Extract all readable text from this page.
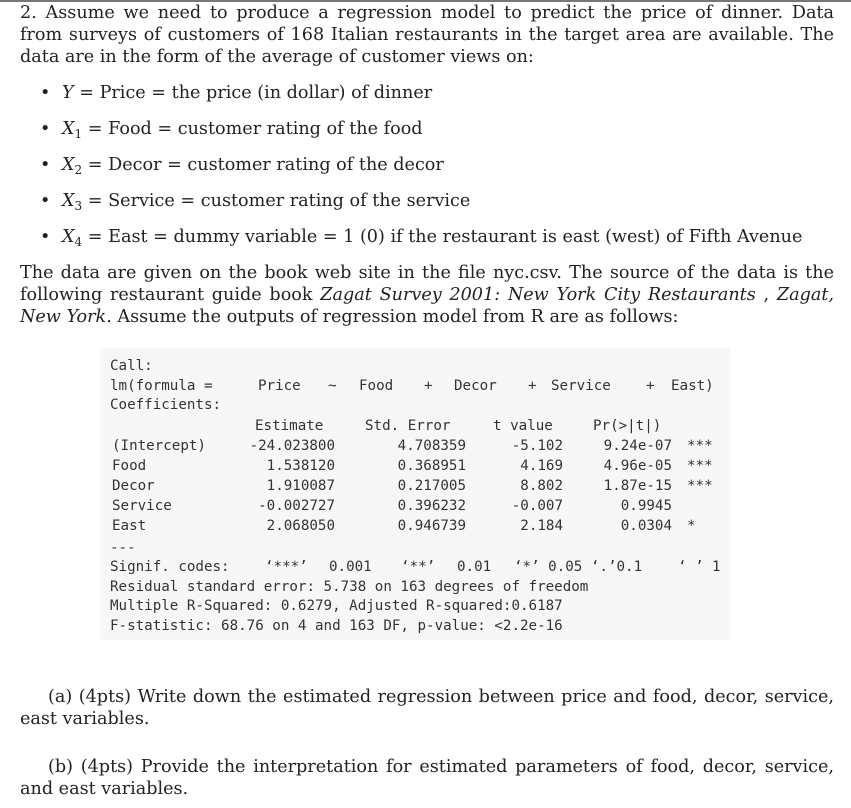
2. Assume we need to produce a regression model to predict the price of dinner. Data from surveys of customers of 168 Italian restaurants in the target area are available. The data are in the form of the average of customer views on:
• Y = Price = the price (in dollar) of dinner
• $X_1$ = Food = customer rating of the food
• $X_2$ = Decor = customer rating of the decor
• $X_3$ = Service = customer rating of the service
• $X_4$ = East = dummy variable = 1 (0) if the restaurant is east (west) of Fifth Avenue
The data are given on the book web site in the file nyc.csv. The source of the data is the following restaurant guide book Zagat Survey 2001: New York City Restaurants , Zagat, New York. Assume the outputs of regression model from R are as follows:
Call:
lm(formula =	Price ~ Food + Decor + Service + East)
Coefficients:
Estimate	Std. Error	t value	Pr(>|t|)
(Intercept)	-24.023800	4.708359	-5.102	9.24e-07 ***
Food	1.538120	0.368951	4.169	4.96e-05 ***
Decor	1.910087	0.217005	8.802	1.87e-15 ***
Service	-0.002727	0.396232	-0.007	0.9945
East	2.068050	0.946739	2.184	0.0304 *
---
Signif. codes: ‘***’ 0.001 ‘**’ 0.01 ‘*’ 0.05 ‘.’0.1	‘ ’ 1
Residual standard error: 5.738 on 163 degrees of freedom
Multiple R-Squared: 0.6279, Adjusted R-squared:0.6187
F-statistic: 68.76 on 4 and 163 DF, p-value: <2.2e-16
(a) (4pts) Write down the estimated regression between price and food, decor, service, east variables.
(b) (4pts) Provide the interpretation for estimated parameters of food, decor, service, and east variables.
